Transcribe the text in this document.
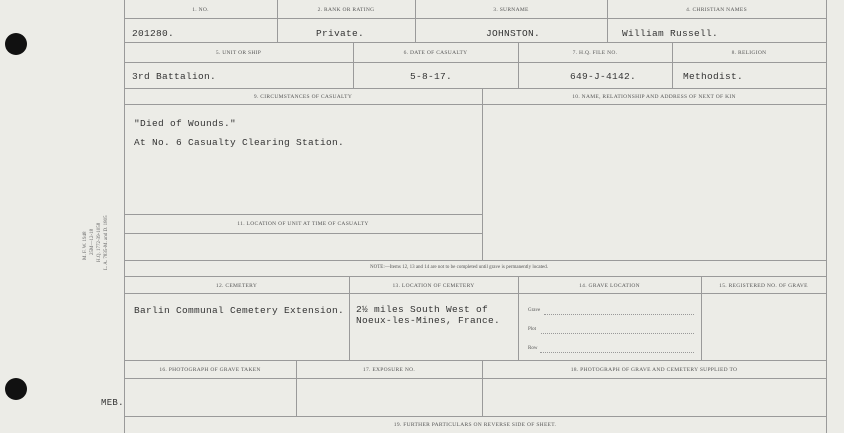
M. F. W. 1948 25M—12-18 H.Q. 1772-39-1058 L. A. 7835-M. and D. 1805
MEB.
1. NO.	2. RANK OR RATING	3. SURNAME	4. CHRISTIAN NAMES
201280.	Private.	JOHNSTON.	William Russell.
5. UNIT OR SHIP	6. DATE OF CASUALTY	7. H.Q. FILE NO.	8. RELIGION
3rd Battalion.	5-8-17.	649-J-4142.	Methodist.
9. CIRCUMSTANCES OF CASUALTY	10. NAME, RELATIONSHIP AND ADDRESS OF NEXT OF KIN
"Died of Wounds."
At No. 6 Casualty Clearing Station.
11. LOCATION OF UNIT AT TIME OF CASUALTY
NOTE:—Items 12, 13 and 14 are not to be completed until grave is permanently located.
12. CEMETERY	13. LOCATION OF CEMETERY	14. GRAVE LOCATION	15. REGISTERED NO. OF GRAVE
Barlin Communal Cemetery Extension. 2½ miles South West of
Noeux-les-Mines, France.
Grave
Plot
Row
16. PHOTOGRAPH OF GRAVE TAKEN	17. EXPOSURE NO.	18. PHOTOGRAPH OF GRAVE AND CEMETERY SUPPLIED TO
19. FURTHER PARTICULARS ON REVERSE SIDE OF SHEET.
